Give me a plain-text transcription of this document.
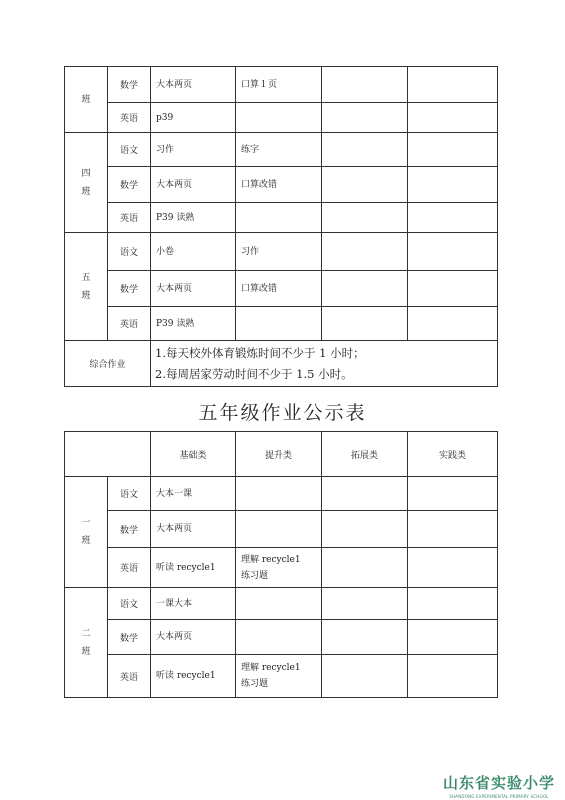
班	数学	大本两页	口算１页		
	英语	p39			
四
班	语文	习作	练字		
	数学	大本两页	口算改错		
	英语	P39 读熟			
五
班	语文	小卷	习作		
	数学	大本两页	口算改错		
	英语	P39 读熟			
综合作业		1.每天校外体育锻炼时间不少于 1 小时；
2.每周居家劳动时间不少于 1.5 小时。			
五年级作业公示表
		基础类	提升类	拓展类	实践类
一
班	语文	大本一课			
	数学	大本两页			
	英语	听读 recycle1	理解 recycle1
练习题		
二
班	语文	一课大本			
	数学	大本两页			
	英语	听读 recycle1	理解 recycle1
练习题		
山东省实验小学
SHANDONG EXPERIMENTAL PRIMARY SCHOOL
